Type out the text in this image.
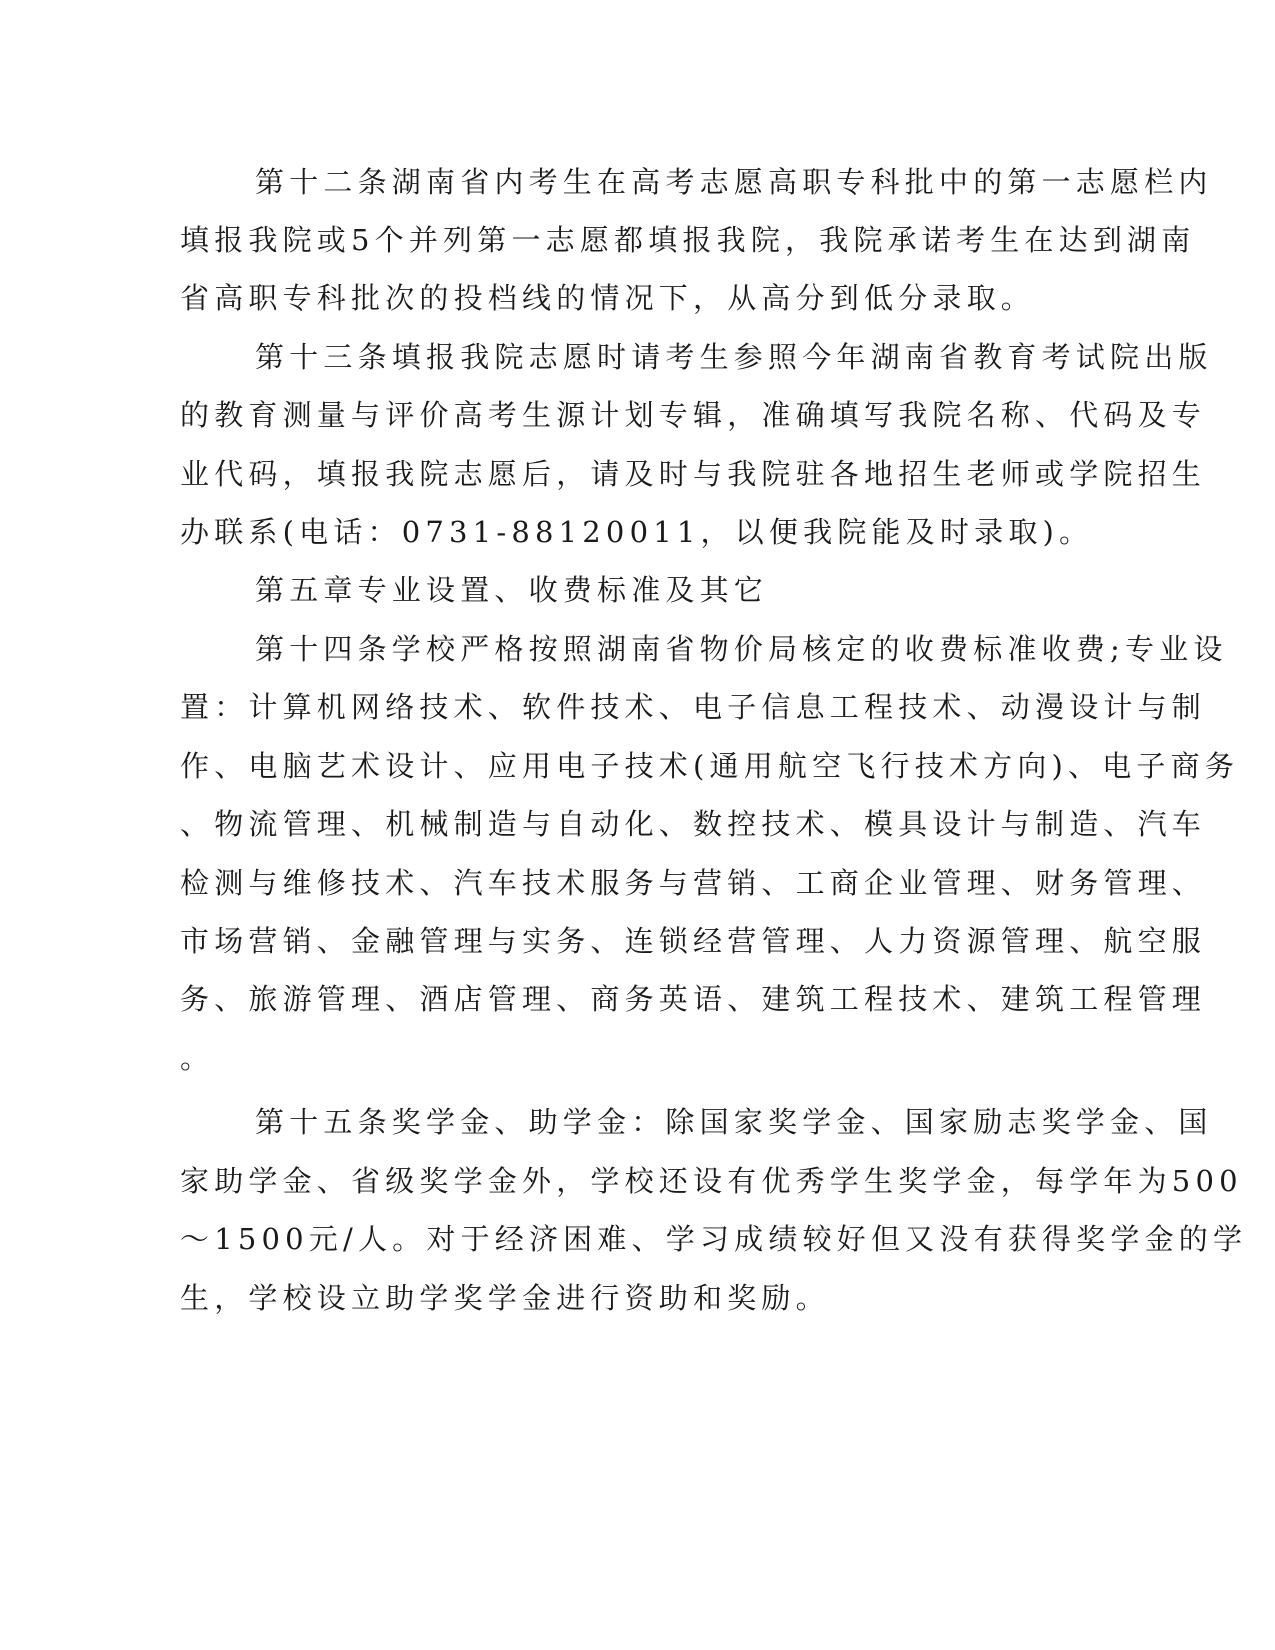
第十二条湖南省内考生在高考志愿高职专科批中的第一志愿栏内

填报我院或5个并列第一志愿都填报我院，我院承诺考生在达到湖南

省高职专科批次的投档线的情况下，从高分到低分录取。

第十三条填报我院志愿时请考生参照今年湖南省教育考试院出版

的教育测量与评价高考生源计划专辑，准确填写我院名称、代码及专

业代码，填报我院志愿后，请及时与我院驻各地招生老师或学院招生

办联系(电话：0731-88120011，以便我院能及时录取)。

第五章专业设置、收费标准及其它

第十四条学校严格按照湖南省物价局核定的收费标准收费;专业设

置：计算机网络技术、软件技术、电子信息工程技术、动漫设计与制

作、电脑艺术设计、应用电子技术(通用航空飞行技术方向)、电子商务

、物流管理、机械制造与自动化、数控技术、模具设计与制造、汽车

检测与维修技术、汽车技术服务与营销、工商企业管理、财务管理、

市场营销、金融管理与实务、连锁经营管理、人力资源管理、航空服

务、旅游管理、酒店管理、商务英语、建筑工程技术、建筑工程管理

。

第十五条奖学金、助学金：除国家奖学金、国家励志奖学金、国

家助学金、省级奖学金外，学校还设有优秀学生奖学金，每学年为500

～1500元/人。对于经济困难、学习成绩较好但又没有获得奖学金的学

生，学校设立助学奖学金进行资助和奖励。
